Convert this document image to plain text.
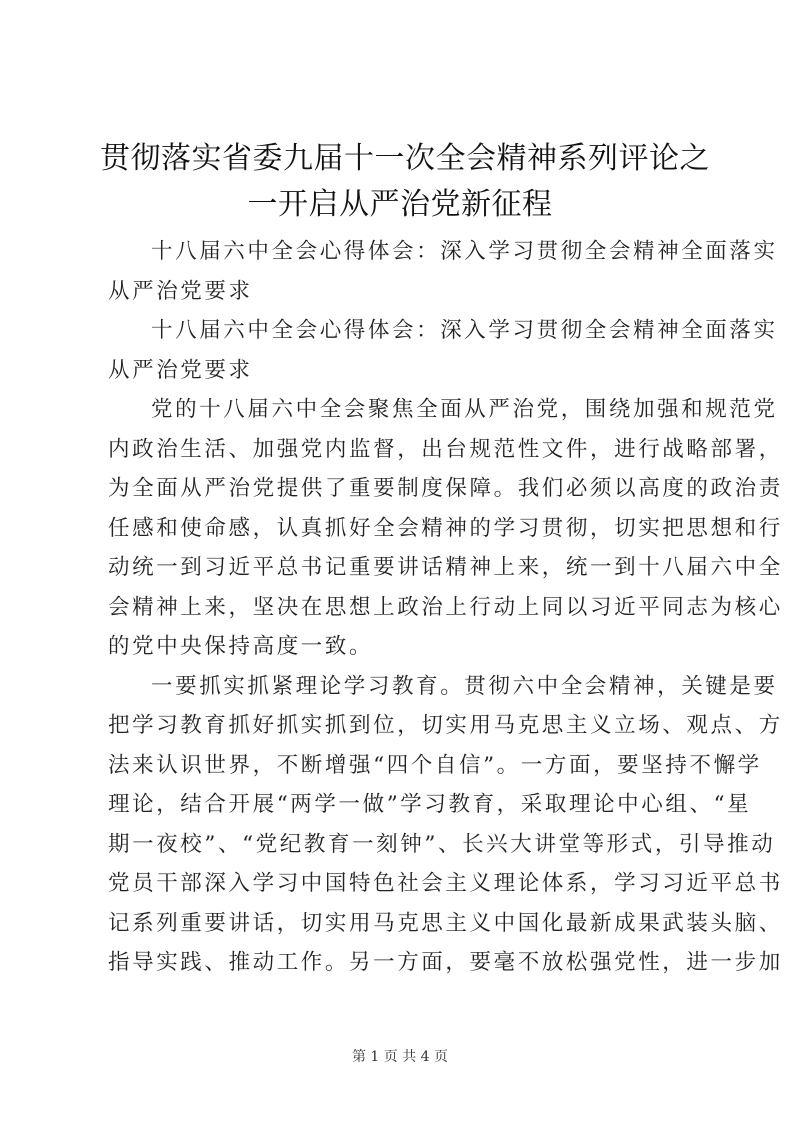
贯彻落实省委九届十一次全会精神系列评论之
一开启从严治党新征程
十八届六中全会心得体会：深入学习贯彻全会精神全面落实
从严治党要求
十八届六中全会心得体会：深入学习贯彻全会精神全面落实
从严治党要求
党的十八届六中全会聚焦全面从严治党，围绕加强和规范党
内政治生活、加强党内监督，出台规范性文件，进行战略部署，
为全面从严治党提供了重要制度保障。我们必须以高度的政治责
任感和使命感，认真抓好全会精神的学习贯彻，切实把思想和行
动统一到习近平总书记重要讲话精神上来，统一到十八届六中全
会精神上来，坚决在思想上政治上行动上同以习近平同志为核心
的党中央保持高度一致。
一要抓实抓紧理论学习教育。贯彻六中全会精神，关键是要
把学习教育抓好抓实抓到位，切实用马克思主义立场、观点、方
法来认识世界，不断增强“四个自信”。一方面，要坚持不懈学
理论，结合开展“两学一做”学习教育，采取理论中心组、“星
期一夜校”、“党纪教育一刻钟”、长兴大讲堂等形式，引导推动
党员干部深入学习中国特色社会主义理论体系，学习习近平总书
记系列重要讲话，切实用马克思主义中国化最新成果武装头脑、
指导实践、推动工作。另一方面，要毫不放松强党性，进一步加
第 1 页 共 4 页
